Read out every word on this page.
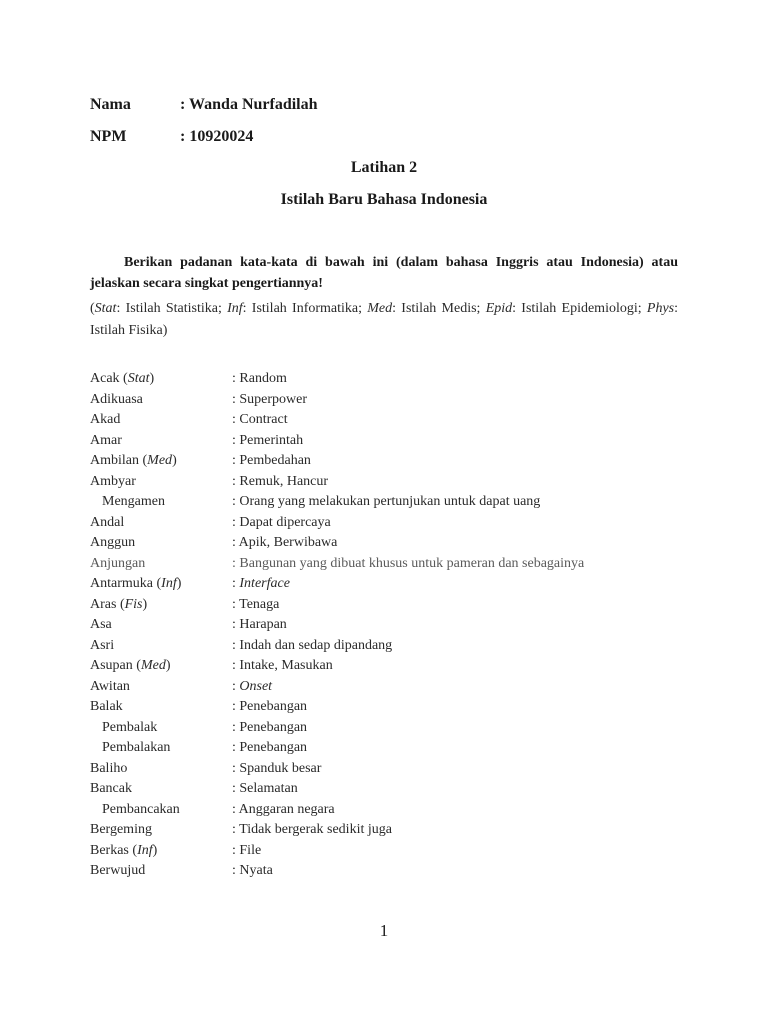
Nama	: Wanda Nurfadilah
NPM	: 10920024
Latihan 2
Istilah Baru Bahasa Indonesia
Berikan padanan kata-kata di bawah ini (dalam bahasa Inggris atau Indonesia) atau jelaskan secara singkat pengertiannya!
(Stat: Istilah Statistika; Inf: Istilah Informatika; Med: Istilah Medis; Epid: Istilah Epidemiologi; Phys: Istilah Fisika)
Acak (Stat)	: Random
Adikuasa	: Superpower
Akad	: Contract
Amar	: Pemerintah
Ambilan (Med)	: Pembedahan
Ambyar	: Remuk, Hancur
Mengamen	: Orang yang melakukan pertunjukan untuk dapat uang
Andal	: Dapat dipercaya
Anggun	: Apik, Berwibawa
Anjungan	: Bangunan yang dibuat khusus untuk pameran dan sebagainya
Antarmuka (Inf)	: Interface
Aras (Fis)	: Tenaga
Asa	: Harapan
Asri	: Indah dan sedap dipandang
Asupan (Med)	: Intake, Masukan
Awitan	: Onset
Balak	: Penebangan
Pembalak	: Penebangan
Pembalakan	: Penebangan
Baliho	: Spanduk besar
Bancak	: Selamatan
Pembancakan	: Anggaran negara
Bergeming	: Tidak bergerak sedikit juga
Berkas (Inf)	: File
Berwujud	: Nyata
1
